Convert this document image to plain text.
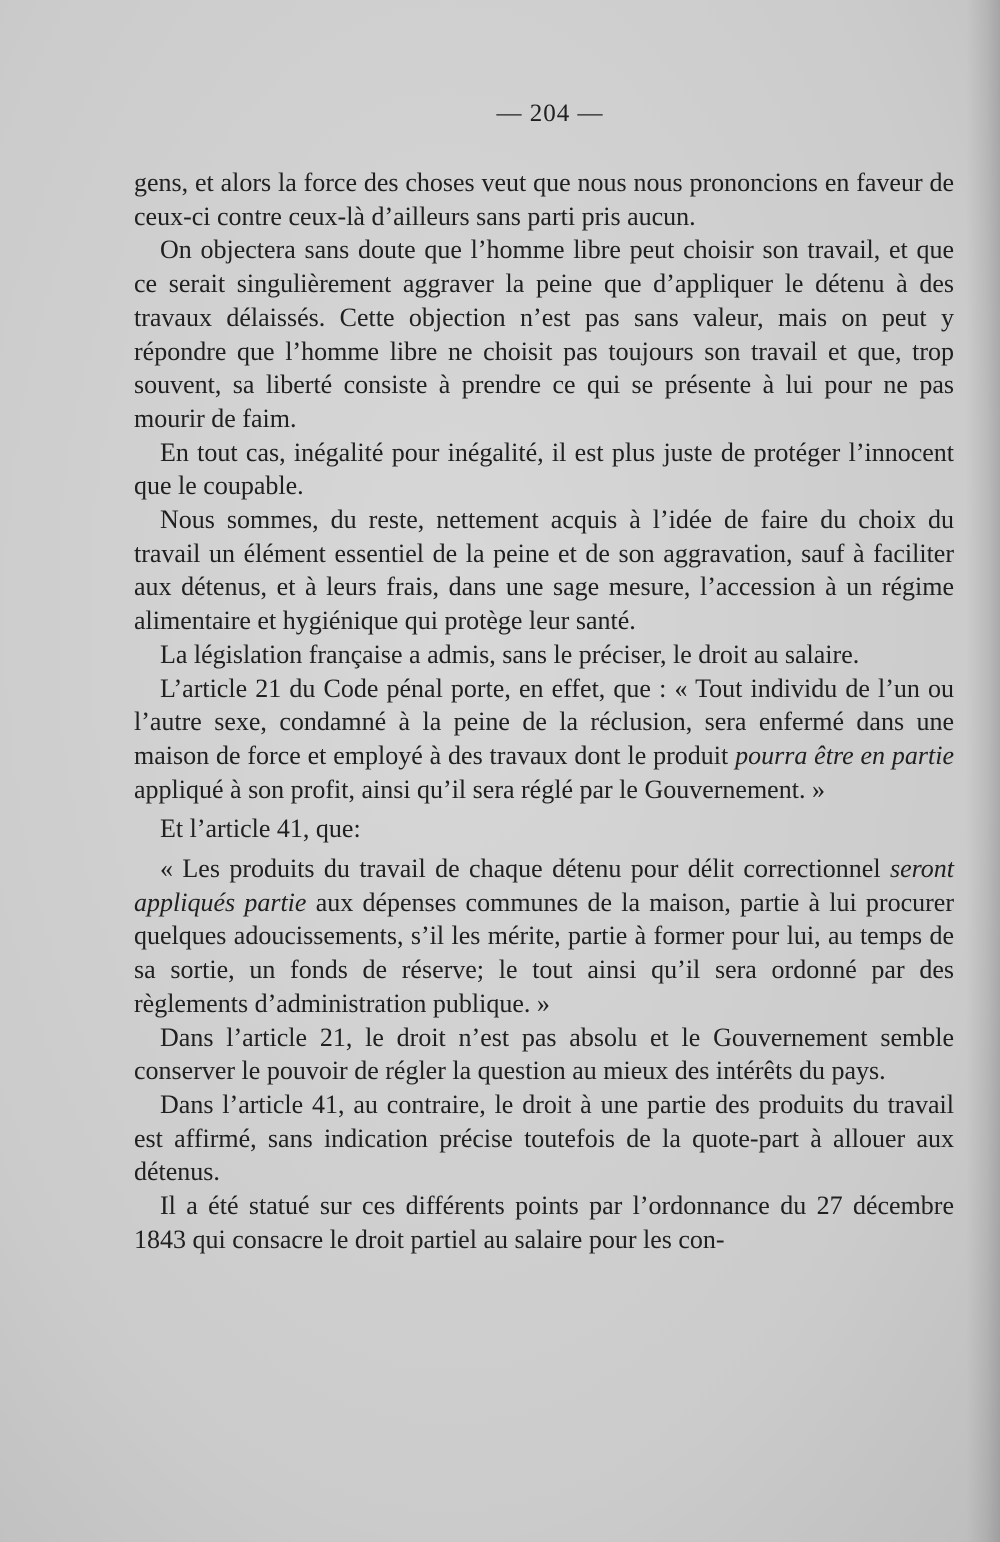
— 204 —

gens, et alors la force des choses veut que nous nous prononcions en faveur de ceux-ci contre ceux-là d’ailleurs sans parti pris aucun.

On objectera sans doute que l’homme libre peut choisir son travail, et que ce serait singulièrement aggraver la peine que d’appliquer le détenu à des travaux délaissés. Cette objection n’est pas sans valeur, mais on peut y répondre que l’homme libre ne choisit pas toujours son travail et que, trop souvent, sa liberté consiste à prendre ce qui se présente à lui pour ne pas mourir de faim.

En tout cas, inégalité pour inégalité, il est plus juste de protéger l’innocent que le coupable.

Nous sommes, du reste, nettement acquis à l’idée de faire du choix du travail un élément essentiel de la peine et de son aggravation, sauf à faciliter aux détenus, et à leurs frais, dans une sage mesure, l’accession à un régime alimentaire et hygiénique qui protège leur santé.

La législation française a admis, sans le préciser, le droit au salaire.

L’article 21 du Code pénal porte, en effet, que : « Tout individu de l’un ou l’autre sexe, condamné à la peine de la réclusion, sera enfermé dans une maison de force et employé à des travaux dont le produit pourra être en partie appliqué à son profit, ainsi qu’il sera réglé par le Gouvernement. »

Et l’article 41, que:

« Les produits du travail de chaque détenu pour délit correctionnel seront appliqués partie aux dépenses communes de la maison, partie à lui procurer quelques adoucissements, s’il les mérite, partie à former pour lui, au temps de sa sortie, un fonds de réserve; le tout ainsi qu’il sera ordonné par des règlements d’administration publique. »

Dans l’article 21, le droit n’est pas absolu et le Gouvernement semble conserver le pouvoir de régler la question au mieux des intérêts du pays.

Dans l’article 41, au contraire, le droit à une partie des produits du travail est affirmé, sans indication précise toutefois de la quote-part à allouer aux détenus.

Il a été statué sur ces différents points par l’ordonnance du 27 décembre 1843 qui consacre le droit partiel au salaire pour les con-
